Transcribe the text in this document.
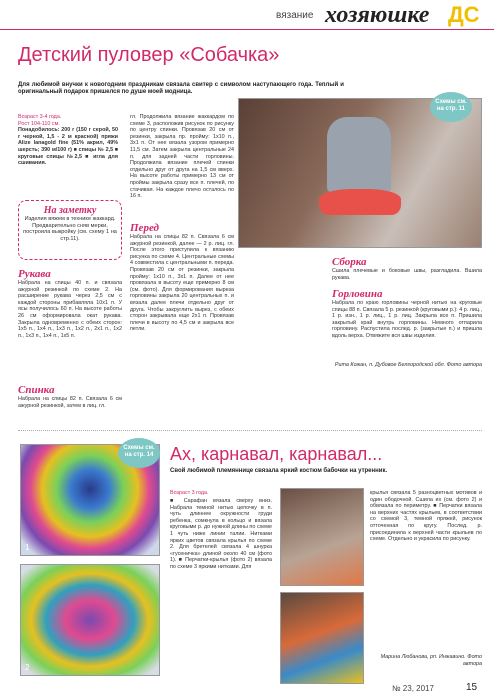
вязание хозяюшке ДС
Детский пуловер «Собачка»
Для любимой внучки к новогодним праздникам связала свитер с символом наступающего года. Теплый и оригинальный подарок пришелся по душе моей модница.
Возраст 3-4 года.
Рост 104-110 см.
Понадобилось: 200 г (150 г серой, 50 г черной, 1,5 - 2 м красной) пряжи Alize lanagold fine (51% акрил, 49% шерсть; 390 м/100 г) ■ спицы № 2,5 ■ круговые спицы №2,5 ■ игла для сшивания.
На заметку
Изделия вяжем в технике жаккард. Предварительно сняв мерки, построила выкройку (см. схему 1 на стр.11).
Рукава
Набрала на спицы 40 п. и связала ажурной резинкой по схеме 2. На расширение рукава через 2,5 см с каждой стороны прибавляла 10х1 п. У ясы получилось 60 п. На высоте работы 26 см оформировала окат рукава. Закрыла одновременно с обеих сторон: 1х5 п., 1х4 п., 1х3 п., 1х2 п., 2х1 п., 1х2 п., 1х3 п., 1х4 п., 1х5 п.
Спинка
Набрала на спицы 82 п. Связала 6 см ажурной резинкой, затем в лиц. гл.
гл. Продолжила вязание жаккардом по схеме 3, расположив рисунок по рисунку по центру спинки. Провязав 20 см от резинки, закрыла пр. пройму: 1х10 п., 3х1 п. От нее вязала узором примерно 11,5 см. Затем закрыла центральные 24 п. для задней части горловины. Продолжила вязание плечей спинки отдельно друг от друга на 1,5 см вверх. На высоте работы примерно 13 см от проймы закрыла сразу все п. плечей, по стачивая. На каждое плечо осталось по 16 п.
Перед
Набрала на спицы 82 п. Связала 6 см ажурной резинкой, далее — 2 р. лиц. гл. После этого приступила к вязанию рисунка по схеме 4. Центральные схемы 4 совместила с центральными п. переда. Провязав 20 см от резинки, закрыла пройму: 1х10 п., 3х1 п. Далее от нее провязала в высоту еще примерно 8 см (см. фото). Для формирования выреза горловины закрыла 20 центральных п. и вязала далее плечи отдельно друг от друга. Чтобы закруглить вырез, с обеих сторон закрывала еще 2х1 п. Провязав плечи в высоту по 4,5 см и закрыла все петли.
Схемы см. на стр. 11
Сборка
Сшила плечевые и боковые швы, разгладила. Вшила рукава.
Горловина
Набрала по краю горловины черной нитью на круговые спицы 88 п. Связала 5 р. резинкой (круговыми р.): 4 р. лиц., 1 р. изн., 1 р. лиц., 1 р. лиц. Закрыла все п. Пришила закрытый край внутрь горловины. Немного отпарила горловину. Распустила послед. р. (закрытые п.) и пришла вдоль верха. Отвяжите вся швы изделия.
Рита Кожан, п. Дубовое Белгородской обл. Фото автора
Ах, карнавал, карнавал...
Свой любимой племяннице связала яркий костюм бабочки на утренник.
1
Схемы см. на стр. 14
2
Возраст 3 года.
■ Сарафан вязала сверху вниз. Набрала темной нитью цепочку в п. чуть длиннее окружности груди ребенка, сомкнула в кольцо и вязала круговыми р. до нужной длины по схеме 1 чуть ниже линии талии. Нитками ярких цветов связала крылья по схеме 2. Для бретелей связала 4 шнурка «гусеничка» длиной около 40 см (фото 1). ■ Перчатки-крылья (фото 2) вязала по схеме 3 яркими нитками. Для
крылья связала 5 разноцветных мотивов и один ободочной. Сшила их (см. фото 2) и обвязала по периметру. ■ Перчатки вязала на верхних частях крыльев, в соответствии со схемой 3, темной пряжей, рисунок отточенная по кругу. Послед. р. присоединила к верхней части крыльев по схеме. Отдельно и украсила по рисунку.
Марина Любанова, рп. Инжавино. Фото автора
№ 23, 2017	15
